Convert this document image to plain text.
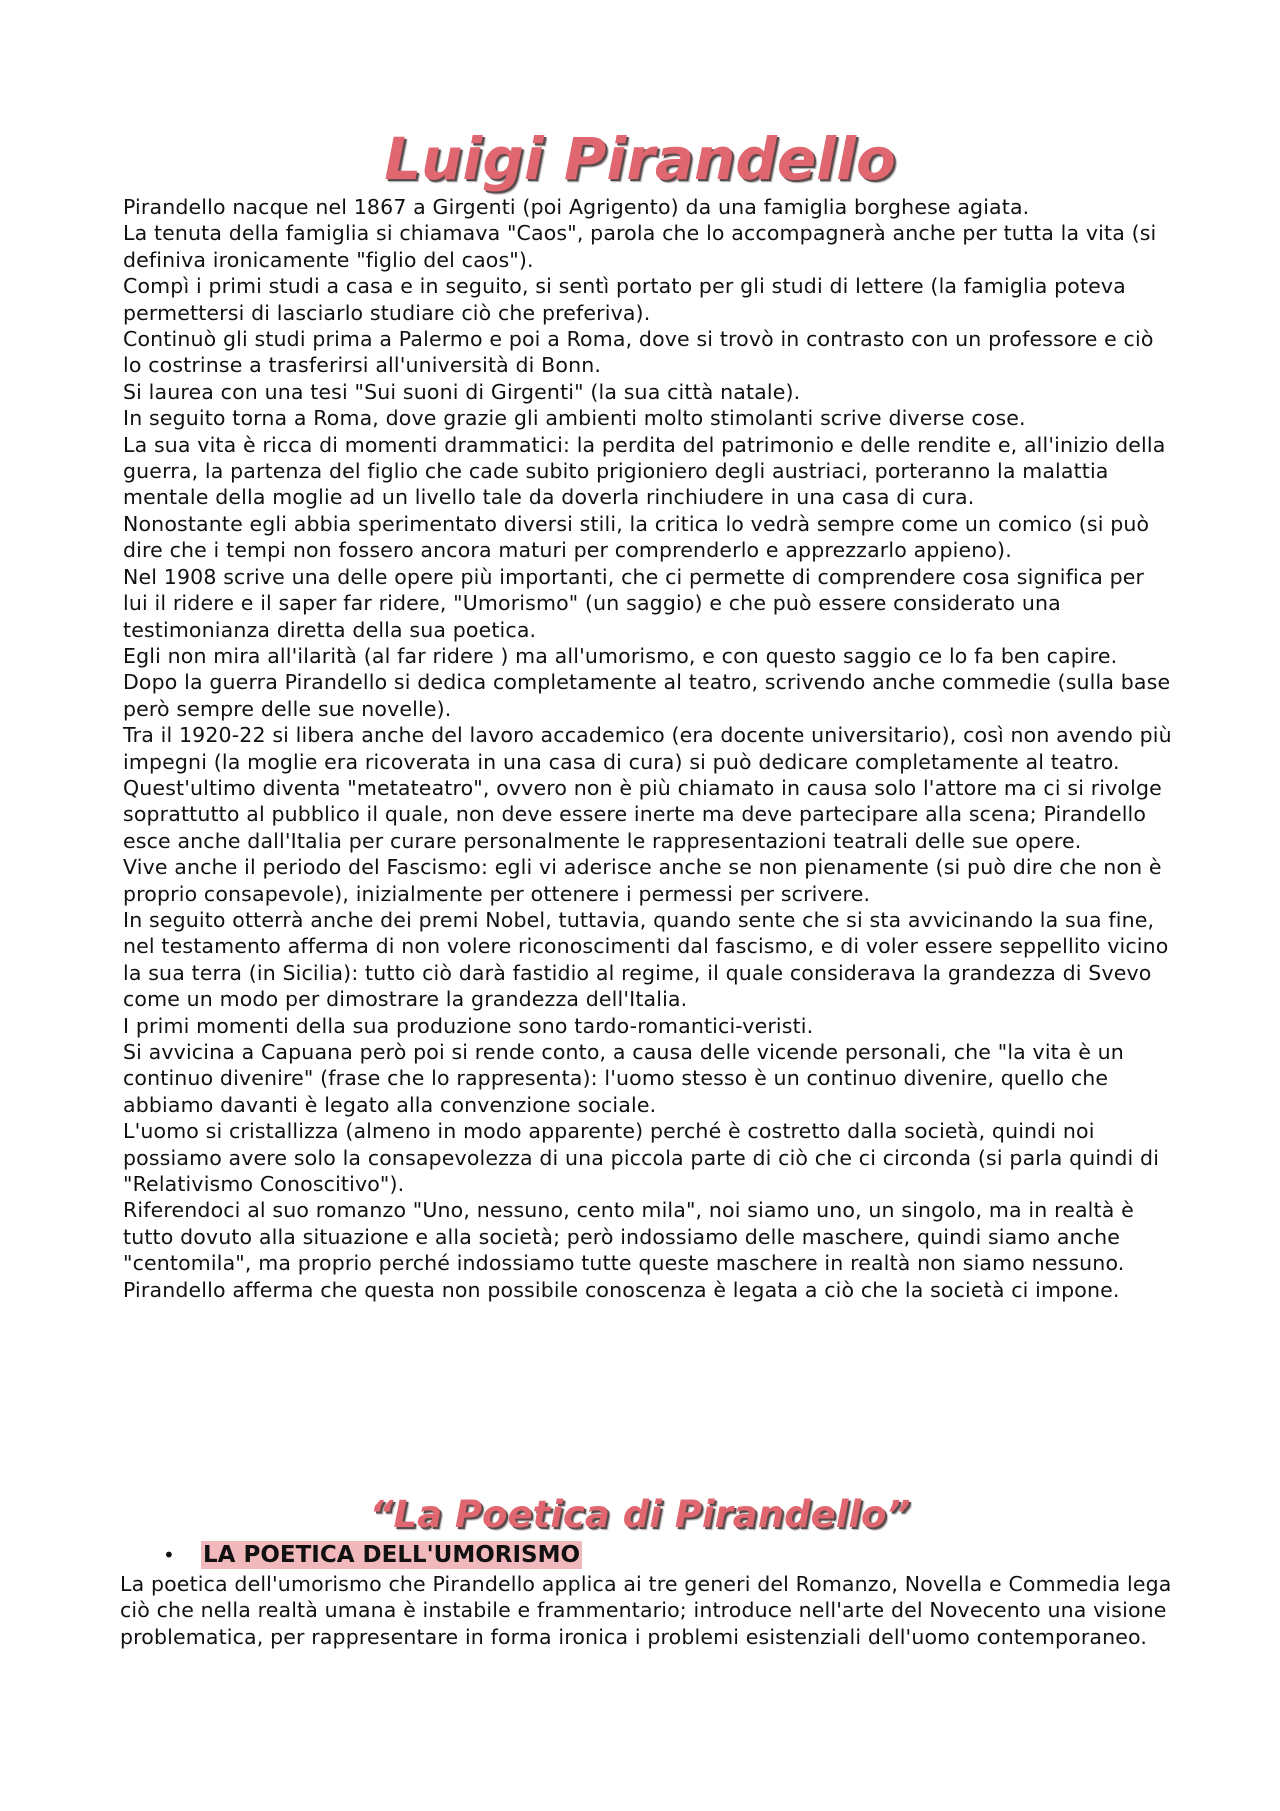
Luigi Pirandello

Pirandello nacque nel 1867 a Girgenti (poi Agrigento) da una famiglia borghese agiata.

La tenuta della famiglia si chiamava "Caos", parola che lo accompagnerà anche per tutta la vita (si definiva ironicamente "figlio del caos").

Compì i primi studi a casa e in seguito, si sentì portato per gli studi di lettere (la famiglia poteva permettersi di lasciarlo studiare ciò che preferiva).

Continuò gli studi prima a Palermo e poi a Roma, dove si trovò in contrasto con un professore e ciò lo costrinse a trasferirsi all'università di Bonn.

Si laurea con una tesi "Sui suoni di Girgenti" (la sua città natale).

In seguito torna a Roma, dove grazie gli ambienti molto stimolanti scrive diverse cose.

La sua vita è ricca di momenti drammatici: la perdita del patrimonio e delle rendite e, all'inizio della guerra, la partenza del figlio che cade subito prigioniero degli austriaci, porteranno la malattia mentale della moglie ad un livello tale da doverla rinchiudere in una casa di cura.

Nonostante egli abbia sperimentato diversi stili, la critica lo vedrà sempre come un comico (si può dire che i tempi non fossero ancora maturi per comprenderlo e apprezzarlo appieno).

Nel 1908 scrive una delle opere più importanti, che ci permette di comprendere cosa significa per lui il ridere e il saper far ridere, "Umorismo" (un saggio) e che può essere considerato una testimonianza diretta della sua poetica.

Egli non mira all'ilarità (al far ridere ) ma all'umorismo, e con questo saggio ce lo fa ben capire.

Dopo la guerra Pirandello si dedica completamente al teatro, scrivendo anche commedie (sulla base però sempre delle sue novelle).

Tra il 1920-22 si libera anche del lavoro accademico (era docente universitario), così non avendo più impegni (la moglie era ricoverata in una casa di cura) si può dedicare completamente al teatro.

Quest'ultimo diventa "metateatro", ovvero non è più chiamato in causa solo l'attore ma ci si rivolge soprattutto al pubblico il quale, non deve essere inerte ma deve partecipare alla scena; Pirandello esce anche dall'Italia per curare personalmente le rappresentazioni teatrali delle sue opere.

Vive anche il periodo del Fascismo: egli vi aderisce anche se non pienamente (si può dire che non è proprio consapevole), inizialmente per ottenere i permessi per scrivere.

In seguito otterrà anche dei premi Nobel, tuttavia, quando sente che si sta avvicinando la sua fine, nel testamento afferma di non volere riconoscimenti dal fascismo, e di voler essere seppellito vicino la sua terra (in Sicilia): tutto ciò darà fastidio al regime, il quale considerava la grandezza di Svevo come un modo per dimostrare la grandezza dell'Italia.

I primi momenti della sua produzione sono tardo-romantici-veristi.

Si avvicina a Capuana però poi si rende conto, a causa delle vicende personali, che "la vita è un continuo divenire" (frase che lo rappresenta): l'uomo stesso è un continuo divenire, quello che abbiamo davanti è legato alla convenzione sociale.

L'uomo si cristallizza (almeno in modo apparente) perché è costretto dalla società, quindi noi possiamo avere solo la consapevolezza di una piccola parte di ciò che ci circonda (si parla quindi di "Relativismo Conoscitivo").

Riferendoci al suo romanzo "Uno, nessuno, cento mila", noi siamo uno, un singolo, ma in realtà è tutto dovuto alla situazione e alla società; però indossiamo delle maschere, quindi siamo anche "centomila", ma proprio perché indossiamo tutte queste maschere in realtà non siamo nessuno.

Pirandello afferma che questa non possibile conoscenza è legata a ciò che la società ci impone.

“La Poetica di Pirandello”
•	LA POETICA DELL'UMORISMO

La poetica dell'umorismo che Pirandello applica ai tre generi del Romanzo, Novella e Commedia lega ciò che nella realtà umana è instabile e frammentario; introduce nell'arte del Novecento una visione problematica, per rappresentare in forma ironica i problemi esistenziali dell'uomo contemporaneo.
